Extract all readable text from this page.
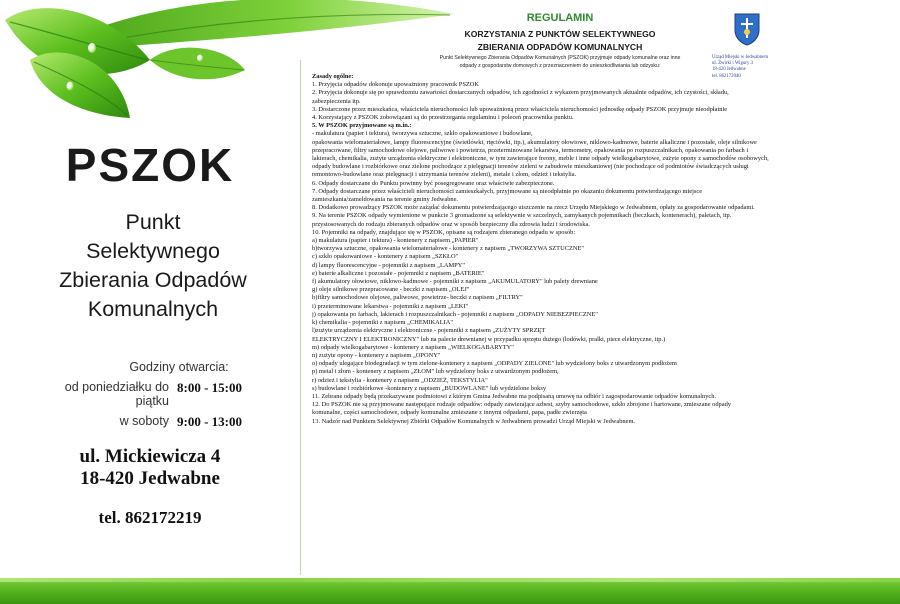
PSZOK
Punkt
Selektywnego
Zbierania Odpadów
Komunalnych
Godziny otwarcia:
od poniedziałku do piątku
8:00 - 15:00
w soboty 9:00 - 13:00
ul. Mickiewicza 4
18-420 Jedwabne
tel. 862172219
REGULAMIN
KORZYSTANIA Z PUNKTÓW SELEKTYWNEGO
ZBIERANIA ODPADÓW KOMUNALNYCH
Punkt Selektywnego Zbierania Odpadów Komunalnych (PSZOK) przyjmuje odpady komunalne oraz inne
odpady z gospodarstw domowych z przeznaczeniem do unieszkodliwiania lub odzysku:
Urząd Miejski w Jedwabnem
ul. Żwirki i Wigury 3
18-420 Jedwabne
tel. 862172040
Zasady ogólne:
1. Przyjęcia odpadów dokonuje upoważniony pracownik PSZOK
2. Przyjęcia dokonuje się po sprawdzeniu zawartości dostarczanych odpadów, ich zgodności z wykazem przyjmowanych aktualnie odpadów, ich czystości, składu,
zabezpieczenia itp.
3. Dostarczone przez mieszkańca, właściciela nieruchomości lub upoważnioną przez właściciela nieruchomości jednostkę odpady PSZOK przyjmuje nieodpłatnie
4. Korzystający z PSZOK zobowiązani są do przestrzegania regulaminu i poleceń pracownika punktu.
5. W PSZOK przyjmowane są m.in.:
- makulatura (papier i tektura), tworzywa sztuczne, szkło opakowaniowe i budowlane,
opakowania wielomateriałowe, lampy fluorescencyjne (świetlówki, rtęciówki, itp.), akumulatory ołowiowe, niklowo-kadmowe, baterie alkaliczne i pozostałe, oleje silnikowe
przepracowane, filtry samochodowe olejowe, paliwowe i powietrza, przeterminowane lekarstwa, termometry, opakowania po rozpuszczalnikach, opakowania po farbach i
lakierach, chemikalia, zużyte urządzenia elektryczne i elektroniczne, w tym zawierające freony, meble i inne odpady wielkogabarytowe, zużyte opony z samochodów osobowych,
odpady budowlane i rozbiórkowe oraz zielone pochodzące z pielęgnacji terenów zieleni w zabudowie mieszkaniowej (nie pochodzące od podmiotów świadczących usługi
remontowo-budowlane oraz pielęgnacji i utrzymania terenów zieleni), metale i złom, odzież i tekstylia.
6. Odpady dostarczane do Punktu powinny być posegregowane oraz właściwie zabezpieczone.
7. Odpady dostarczane przez właścicieli nieruchomości zamieszkałych, przyjmowane są nieodpłatnie po okazaniu dokumentu potwierdzającego miejsce
zamieszkania/zameldowania na terenie gminy Jedwabne.
8. Dodatkowo prowadzący PSZOK może zażądać dokumentu potwierdzającego uiszczenie na rzecz Urzędu Miejskiego w Jedwabnem, opłaty za gospodarowanie odpadami.
9. Na terenie PSZOK odpady wymienione w punkcie 3 gromadzone są selektywnie w szczelnych, zamykanych pojemnikach (beczkach, kontenerach), paletach, itp.
przystosowanych do rodzaju zbieranych odpadów oraz w sposób bezpieczny dla zdrowia ludzi i środowiska.
10. Pojemniki na odpady, znajdujące się w PSZOK, opisane są rodzajem zbieranego odpadu w sposób:
a) makulatura (papier i tektura) - kontenery z napisem „PAPIER"
b)tworzywa sztuczne, opakowania wielomateriałowe - kontenery z napisem „TWORZYWA SZTUCZNE"
c) szkło opakowaniowe - kontenery z napisem „SZKŁO"
d) lampy fluorescencyjne - pojemniki z napisem „LAMPY"
e) baterie alkaliczne i pozostałe - pojemniki z napisem „BATERIE"
f) akumulatory ołowiowe, niklowo-kadmowe - pojemniki z napisem „AKUMULATORY" lub palety drewniane
g) oleje silnikowe przepracowane - beczki z napisem „OLEJ"
h)filtry samochodowe olejowe, paliwowe, powietrze- beczki z napisem „FILTRY"
i) przeterminowane lekarstwa - pojemniki z napisem „LEKI"
j) opakowania po farbach, lakierach i rozpuszczalnikach - pojemniki z napisem „ODPADY NIEBEZPIECZNE"
k) chemikalia - pojemniki z napisem „CHEMIKALIA"
l)zużyte urządzenia elektryczne i elektroniczne - pojemniki z napisem „ZUŻYTY SPRZĘT
ELEKTRYCZNY I ELEKTRONICZNY" lub na palecie drewnianej w przypadku sprzętu dużego (lodówki, pralki, piece elektryczne, itp.)
m) odpady wielkogabarytowe - kontenery z napisem „WIELKOGABARYTY"
n) zużyte opony - kontenery z napisem „OPONY"
o) odpady ulegające biodegradacji w tym zielone-kontenery z napisem „ODPADY ZIELONE" lub wydzielony boks z utwardzonym podłożem
p) metal i złom - kontenery z napisem „ZŁOM" lub wydzielony boks z utwardzonym podłożem,
r) odzież i tekstylia - kontenery z napisem „ODZIEŻ, TEKSTYLIA"
s) budowlane i rozbiórkowe -kontenery z napisem „BUDOWLANE" lub wydzielone boksy
11. Zebrane odpady będą przekazywane podmiotowi z którym Gmina Jedwabne ma podpisaną umowę na odbiór i zagospodarowanie odpadów komunalnych.
12. Do PSZOK nie są przyjmowane następujące rodzaje odpadów: odpady zawierające azbest, szyby samochodowe, szkło zbrojone i hartowane, zmieszane odpady
komunalne, części samochodowe, odpady komunalne zmieszane z innymi odpadami, papa, padłe zwierzęta
13. Nadzór nad Punktem Selektywnej Zbiórki Odpadów Komunalnych w Jedwabnem prowadzi Urząd Miejski w Jedwabnem.
